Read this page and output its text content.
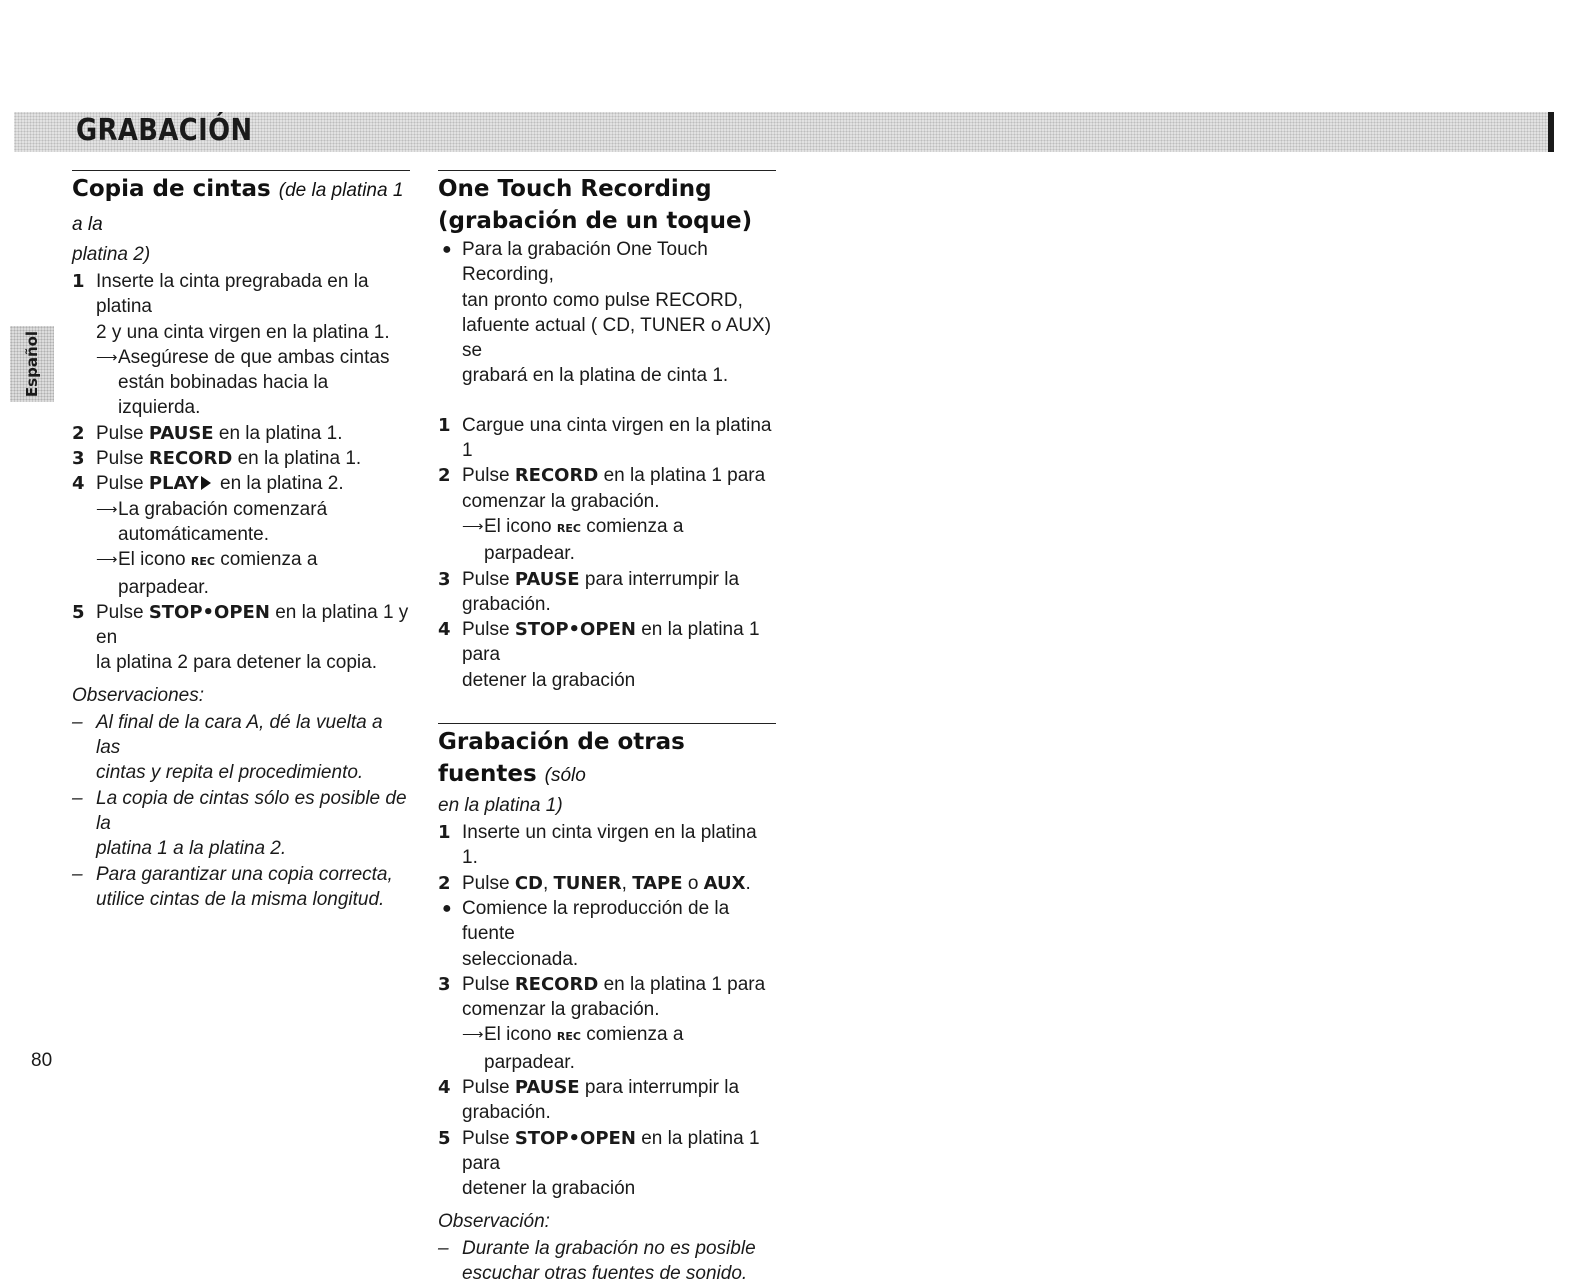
GRABACIÓN

Español

Copia de cintas (de la platina 1 a la

platina 2)

1 Inserte la cinta pregrabada en la platina
2 y una cinta virgen en la platina 1.
⟶ Asegúrese de que ambas cintas
están bobinadas hacia la izquierda.
2 Pulse PAUSE en la platina 1.
3 Pulse RECORD en la platina 1.
4 Pulse PLAY en la platina 2.
⟶ La grabación comenzará
automáticamente.
⟶ El icono REC comienza a parpadear.
5 Pulse STOP•OPEN en la platina 1 y en
la platina 2 para detener la copia.

Observaciones:

– Al final de la cara A, dé la vuelta a las
cintas y repita el procedimiento.
– La copia de cintas sólo es posible de la
platina 1 a la platina 2.
– Para garantizar una copia correcta,
utilice cintas de la misma longitud.
One Touch Recording
(grabación de un toque)
● Para la grabación One Touch Recording,
tan pronto como pulse RECORD,
lafuente actual ( CD, TUNER o AUX) se
grabará en la platina de cinta 1.
1 Cargue una cinta virgen en la platina 1
2 Pulse RECORD en la platina 1 para
comenzar la grabación.
⟶ El icono REC comienza a parpadear.
3 Pulse PAUSE para interrumpir la
grabación.
4 Pulse STOP•OPEN en la platina 1 para
detener la grabación
Grabación de otras fuentes (sólo

en la platina 1)

1 Inserte un cinta virgen en la platina 1.
2 Pulse CD, TUNER, TAPE o AUX.
● Comience la reproducción de la fuente
seleccionada.
3 Pulse RECORD en la platina 1 para
comenzar la grabación.
⟶ El icono REC comienza a parpadear.
4 Pulse PAUSE para interrumpir la
grabación.
5 Pulse STOP•OPEN en la platina 1 para
detener la grabación

Observación:

– Durante la grabación no es posible
escuchar otras fuentes de sonido.

80
